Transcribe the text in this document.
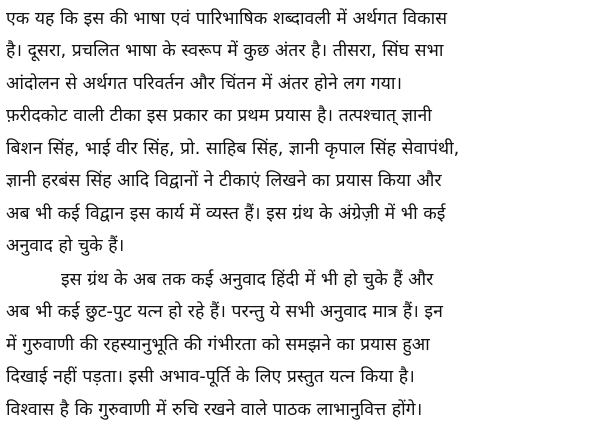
एक यह कि इस की भाषा एवं पारिभाषिक शब्दावली में अर्थगत विकास
है। दूसरा, प्रचलित भाषा के स्वरूप में कुछ अंतर है। तीसरा, सिंघ सभा
आंदोलन से अर्थगत परिवर्तन और चिंतन में अंतर होने लग गया।
फ़रीदकोट वाली टीका इस प्रकार का प्रथम प्रयास है। तत्पश्चात् ज्ञानी
बिशन सिंह, भाई वीर सिंह, प्रो. साहिब सिंह, ज्ञानी कृपाल सिंह सेवापंथी,
ज्ञानी हरबंस सिंह आदि विद्वानों ने टीकाएं लिखने का प्रयास किया और
अब भी कई विद्वान इस कार्य में व्यस्त हैं। इस ग्रंथ के अंग्रेज़ी में भी कई
अनुवाद हो चुके हैं।
इस ग्रंथ के अब तक कई अनुवाद हिंदी में भी हो चुके हैं और
अब भी कई छुट-पुट यत्न हो रहे हैं। परन्तु ये सभी अनुवाद मात्र हैं। इन
में गुरुवाणी की रहस्यानुभूति की गंभीरता को समझने का प्रयास हुआ
दिखाई नहीं पड़ता। इसी अभाव-पूर्ति के लिए प्रस्तुत यत्न किया है।
विश्वास है कि गुरुवाणी में रुचि रखने वाले पाठक लाभानुवित्त होंगे।
